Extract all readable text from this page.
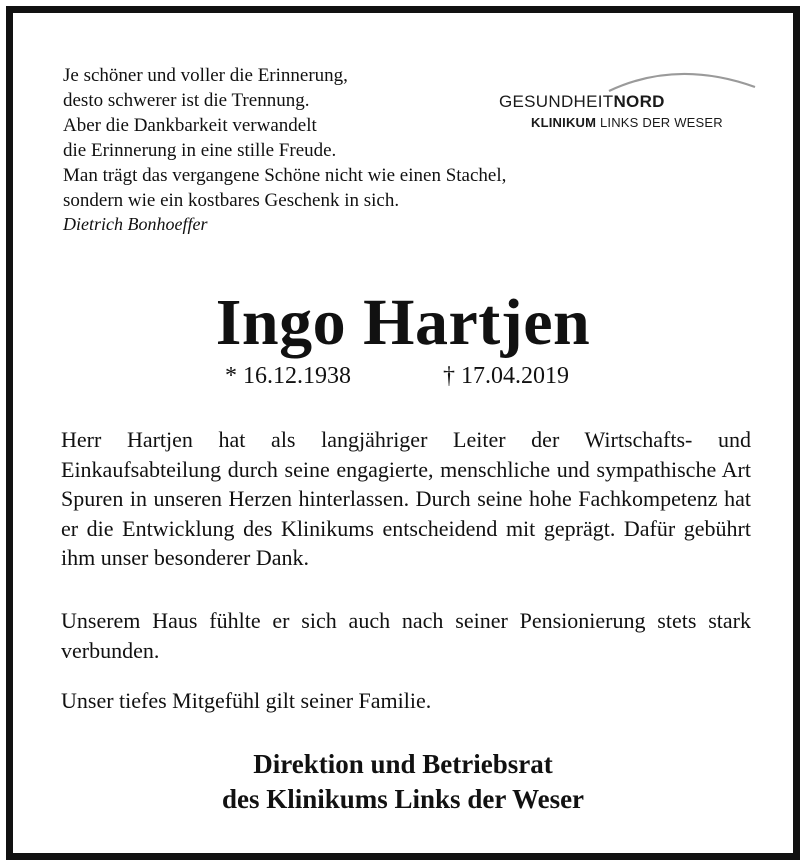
Je schöner und voller die Erinnerung,
desto schwerer ist die Trennung.
Aber die Dankbarkeit verwandelt
die Erinnerung in eine stille Freude.
Man trägt das vergangene Schöne nicht wie einen Stachel,
sondern wie ein kostbares Geschenk in sich.
Dietrich Bonhoeffer
GESUNDHEITNORD
KLINIKUM LINKS DER WESER
Ingo Hartjen
* 16.12.1938	† 17.04.2019
Herr Hartjen hat als langjähriger Leiter der Wirtschafts- und Einkaufsabteilung durch seine engagierte, menschliche und sympathische Art Spuren in unseren Herzen hinterlassen. Durch seine hohe Fachkompetenz hat er die Entwicklung des Klinikums entscheidend mit geprägt. Dafür gebührt ihm unser besonderer Dank.
Unserem Haus fühlte er sich auch nach seiner Pensionierung stets stark verbunden.
Unser tiefes Mitgefühl gilt seiner Familie.
Direktion und Betriebsrat
des Klinikums Links der Weser
